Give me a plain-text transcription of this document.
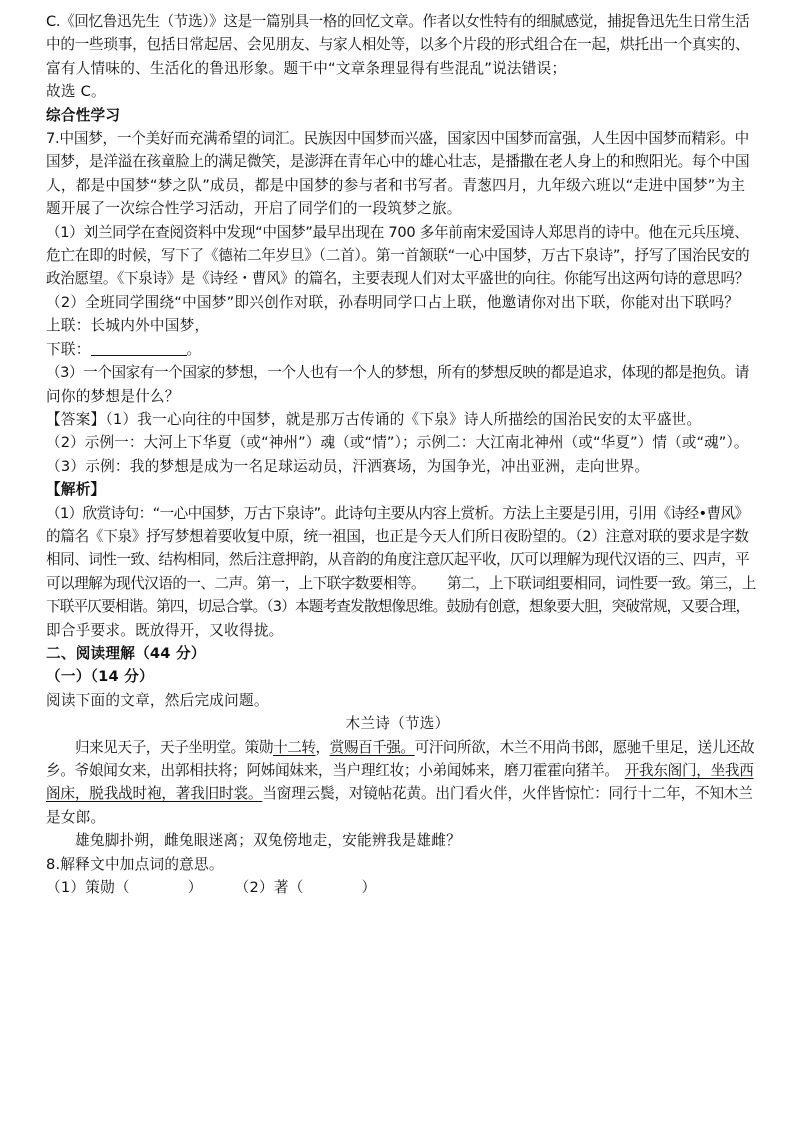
C.《回忆鲁迅先生（节选）》这是一篇别具一格的回忆文章。作者以女性特有的细腻感觉，捕捉鲁迅先生日常生活
中的一些琐事，包括日常起居、会见朋友、与家人相处等，以多个片段的形式组合在一起，烘托出一个真实的、
富有人情味的、生活化的鲁迅形象。题干中“文章条理显得有些混乱”说法错误；
故选 C。
综合性学习
7.中国梦，一个美好而充满希望的词汇。民族因中国梦而兴盛，国家因中国梦而富强，人生因中国梦而精彩。中
国梦，是洋溢在孩童脸上的满足微笑，是澎湃在青年心中的雄心壮志，是播撒在老人身上的和煦阳光。每个中国
人，都是中国梦“梦之队”成员，都是中国梦的参与者和书写者。青葱四月，九年级六班以“走进中国梦”为主
题开展了一次综合性学习活动，开启了同学们的一段筑梦之旅。
（1）刘兰同学在查阅资料中发现“中国梦”最早出现在 700 多年前南宋爱国诗人郑思肖的诗中。他在元兵压境、
危亡在即的时候，写下了《德祐二年岁旦》（二首）。第一首颔联“一心中国梦，万古下泉诗”，抒写了国治民安的
政治愿望。《下泉诗》是《诗经・曹风》的篇名，主要表现人们对太平盛世的向往。你能写出这两句诗的意思吗？
（2）全班同学围绕“中国梦”即兴创作对联，孙春明同学口占上联，他邀请你对出下联，你能对出下联吗？
上联：长城内外中国梦，
下联：	。
（3）一个国家有一个国家的梦想，一个人也有一个人的梦想，所有的梦想反映的都是追求，体现的都是抱负。请
问你的梦想是什么？
【答案】（1）我一心向往的中国梦，就是那万古传诵的《下泉》诗人所描绘的国治民安的太平盛世。
（2）示例一：大河上下华夏（或“神州”）魂（或“情”）；示例二：大江南北神州（或“华夏”）情（或“魂”）。
（3）示例：我的梦想是成为一名足球运动员，汗洒赛场，为国争光，冲出亚洲，走向世界。
【解析】
（1）欣赏诗句：“一心中国梦，万古下泉诗”。此诗句主要从内容上赏析。方法上主要是引用，引用《诗经•曹风》
的篇名《下泉》抒写梦想着要收复中原，统一祖国，也正是今天人们所日夜盼望的。（2）注意对联的要求是字数
相同、词性一致、结构相同，然后注意押韵，从音韵的角度注意仄起平收，仄可以理解为现代汉语的三、四声，平
可以理解为现代汉语的一、二声。第一，上下联字数要相等。 第二，上下联词组要相同，词性要一致。第三，上
下联平仄要相谐。第四，切忌合掌。（3）本题考查发散想像思维。鼓励有创意，想象要大胆，突破常规，又要合理，
即合乎要求。既放得开，又收得拢。
二、阅读理解（44 分）
（一）（14 分）
阅读下面的文章，然后完成问题。
木兰诗（节选）
归来见天子，天子坐明堂。策勋十二转，赏赐百千强。可汗问所欲，木兰不用尚书郎，愿驰千里足，送儿还故
乡。爷娘闻女来，出郭相扶将；阿姊闻妹来，当户理红妆；小弟闻姊来，磨刀霍霍向猪羊。 开我东阁门，坐我西
阁床，脱我战时袍，著我旧时裳。当窗理云鬓，对镜帖花黄。出门看火伴，火伴皆惊忙：同行十二年，不知木兰
是女郎。
雄兔脚扑朔，雌兔眼迷离；双兔傍地走，安能辨我是雄雌？
8.解释文中加点词的意思。
（1）策勋（	） （2）著（	）
